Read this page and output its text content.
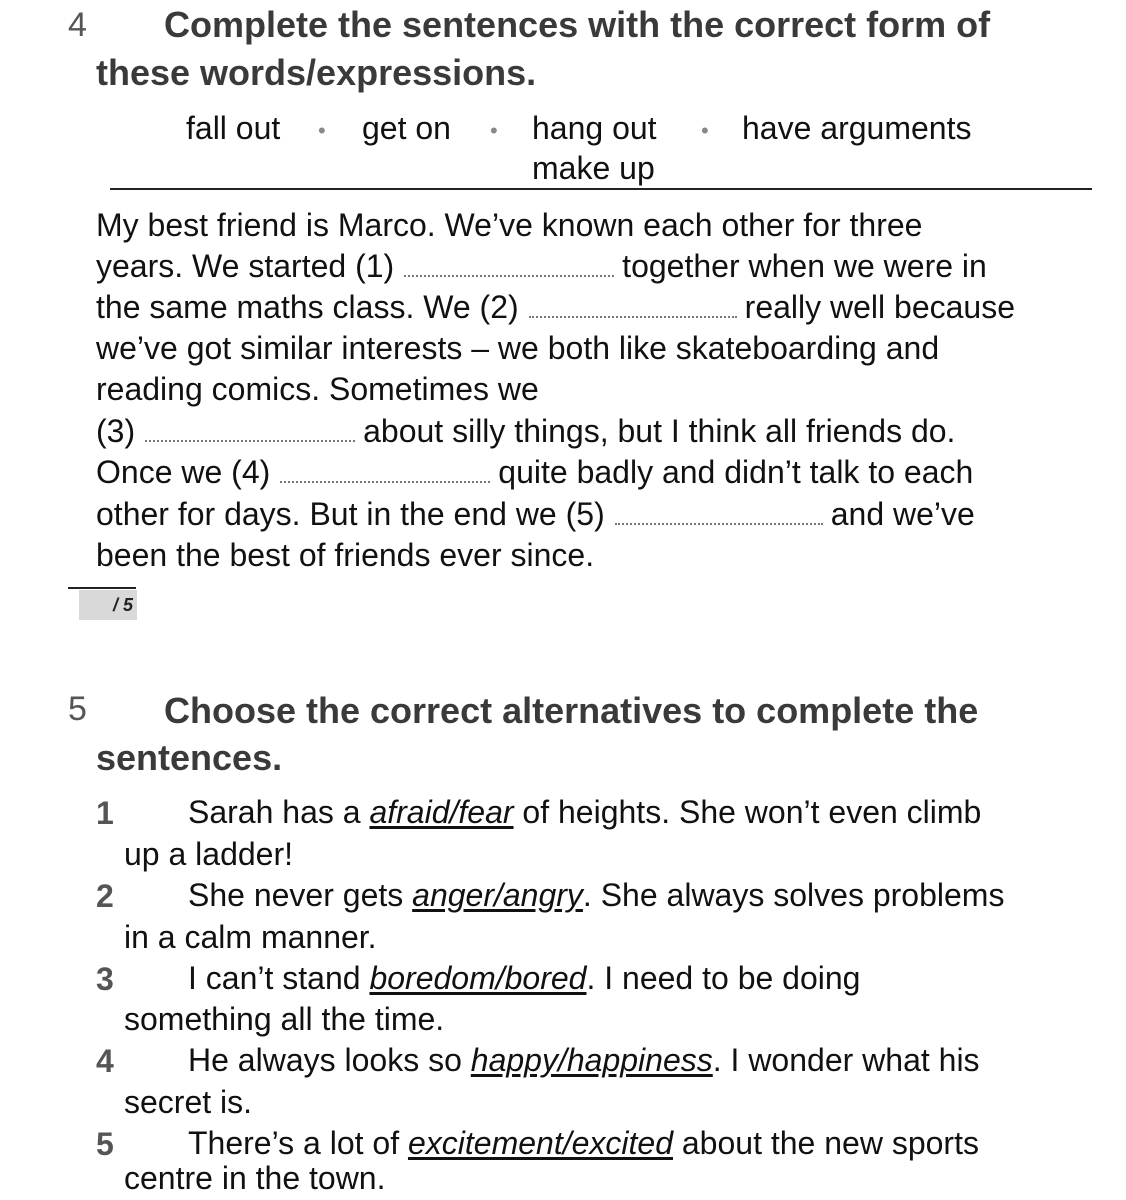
4 Complete the sentences with the correct form of
these words/expressions.
fall out • get on • hang out • have arguments
make up
My best friend is Marco. We’ve known each other for three
years. We started (1)	together when we were in
the same maths class. We (2)	really well because
we’ve got similar interests – we both like skateboarding and
reading comics. Sometimes we
(3)	about silly things, but I think all friends do.
Once we (4)	quite badly and didn’t talk to each
other for days. But in the end we (5)	and we’ve
been the best of friends ever since.
/ 5
5 Choose the correct alternatives to complete the
sentences.
1 Sarah has a afraid/fear of heights. She won’t even climb
up a ladder!
2 She never gets anger/angry. She always solves problems
in a calm manner.
3 I can’t stand boredom/bored. I need to be doing
something all the time.
4 He always looks so happy/happiness. I wonder what his
secret is.
5 There’s a lot of excitement/excited about the new sports
centre in the town.
